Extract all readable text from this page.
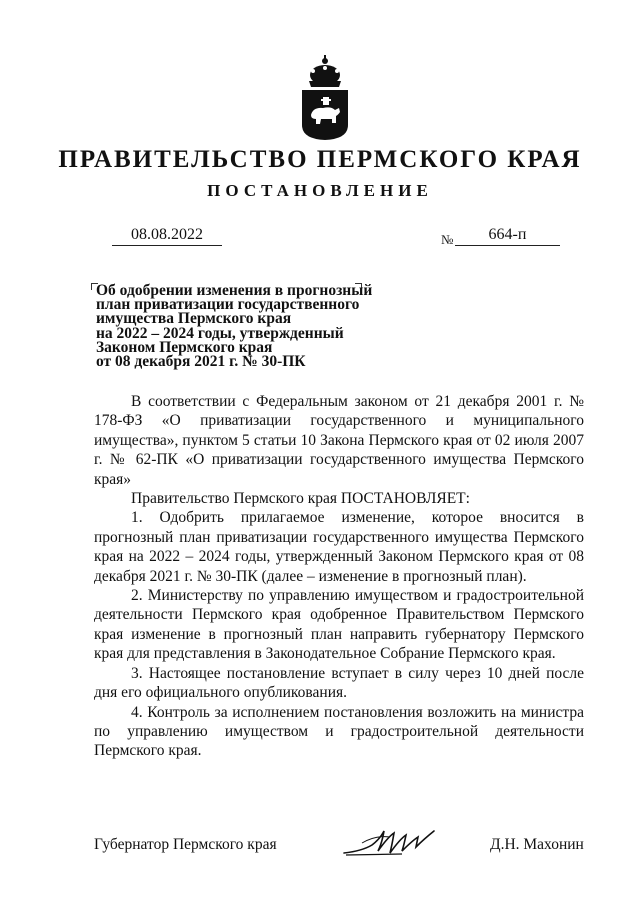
ПРАВИТЕЛЬСТВО ПЕРМСКОГО КРАЯ
ПОСТАНОВЛЕНИЕ
08.08.2022	№	664-п
Об одобрении изменения в прогнозный
план приватизации государственного
имущества Пермского края
на 2022 – 2024 годы, утвержденный
Законом Пермского края
от 08 декабря 2021 г. № 30-ПК

В соответствии с Федеральным законом от 21 декабря 2001 г. № 178-ФЗ «О приватизации государственного и муниципального имущества», пунктом 5 статьи 10 Закона Пермского края от 02 июля 2007 г. № 62-ПК «О приватизации государственного имущества Пермского края»

Правительство Пермского края ПОСТАНОВЛЯЕТ:

1. Одобрить прилагаемое изменение, которое вносится в прогнозный план приватизации государственного имущества Пермского края на 2022 – 2024 годы, утвержденный Законом Пермского края от 08 декабря 2021 г. № 30-ПК (далее – изменение в прогнозный план).

2. Министерству по управлению имуществом и градостроительной деятельности Пермского края одобренное Правительством Пермского края изменение в прогнозный план направить губернатору Пермского края для представления в Законодательное Собрание Пермского края.

3. Настоящее постановление вступает в силу через 10 дней после дня его официального опубликования.

4. Контроль за исполнением постановления возложить на министра по управлению имуществом и градостроительной деятельности Пермского края.

Губернатор Пермского края	Д.Н. Махонин
